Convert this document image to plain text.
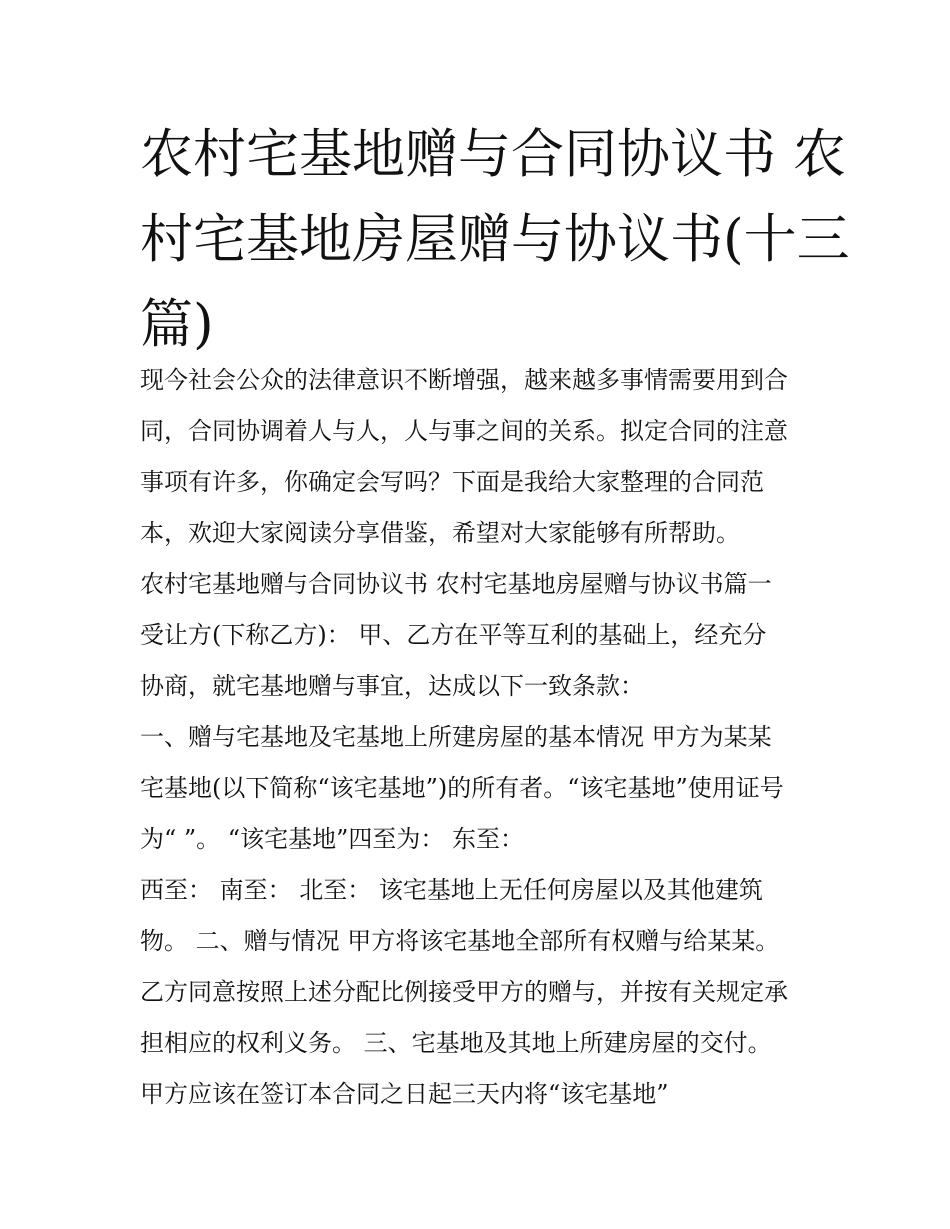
农村宅基地赠与合同协议书 农
村宅基地房屋赠与协议书(十三
篇)
现今社会公众的法律意识不断增强，越来越多事情需要用到合
同，合同协调着人与人，人与事之间的关系。拟定合同的注意
事项有许多，你确定会写吗？下面是我给大家整理的合同范
本，欢迎大家阅读分享借鉴，希望对大家能够有所帮助。
农村宅基地赠与合同协议书 农村宅基地房屋赠与协议书篇一
受让方(下称乙方)： 甲、乙方在平等互利的基础上，经充分
协商，就宅基地赠与事宜，达成以下一致条款：
一、赠与宅基地及宅基地上所建房屋的基本情况 甲方为某某
宅基地(以下简称“该宅基地”)的所有者。“该宅基地”使用证号
为“ ”。 “该宅基地”四至为： 东至：
西至： 南至： 北至： 该宅基地上无任何房屋以及其他建筑
物。 二、赠与情况 甲方将该宅基地全部所有权赠与给某某。
乙方同意按照上述分配比例接受甲方的赠与，并按有关规定承
担相应的权利义务。 三、宅基地及其地上所建房屋的交付。
甲方应该在签订本合同之日起三天内将“该宅基地”
